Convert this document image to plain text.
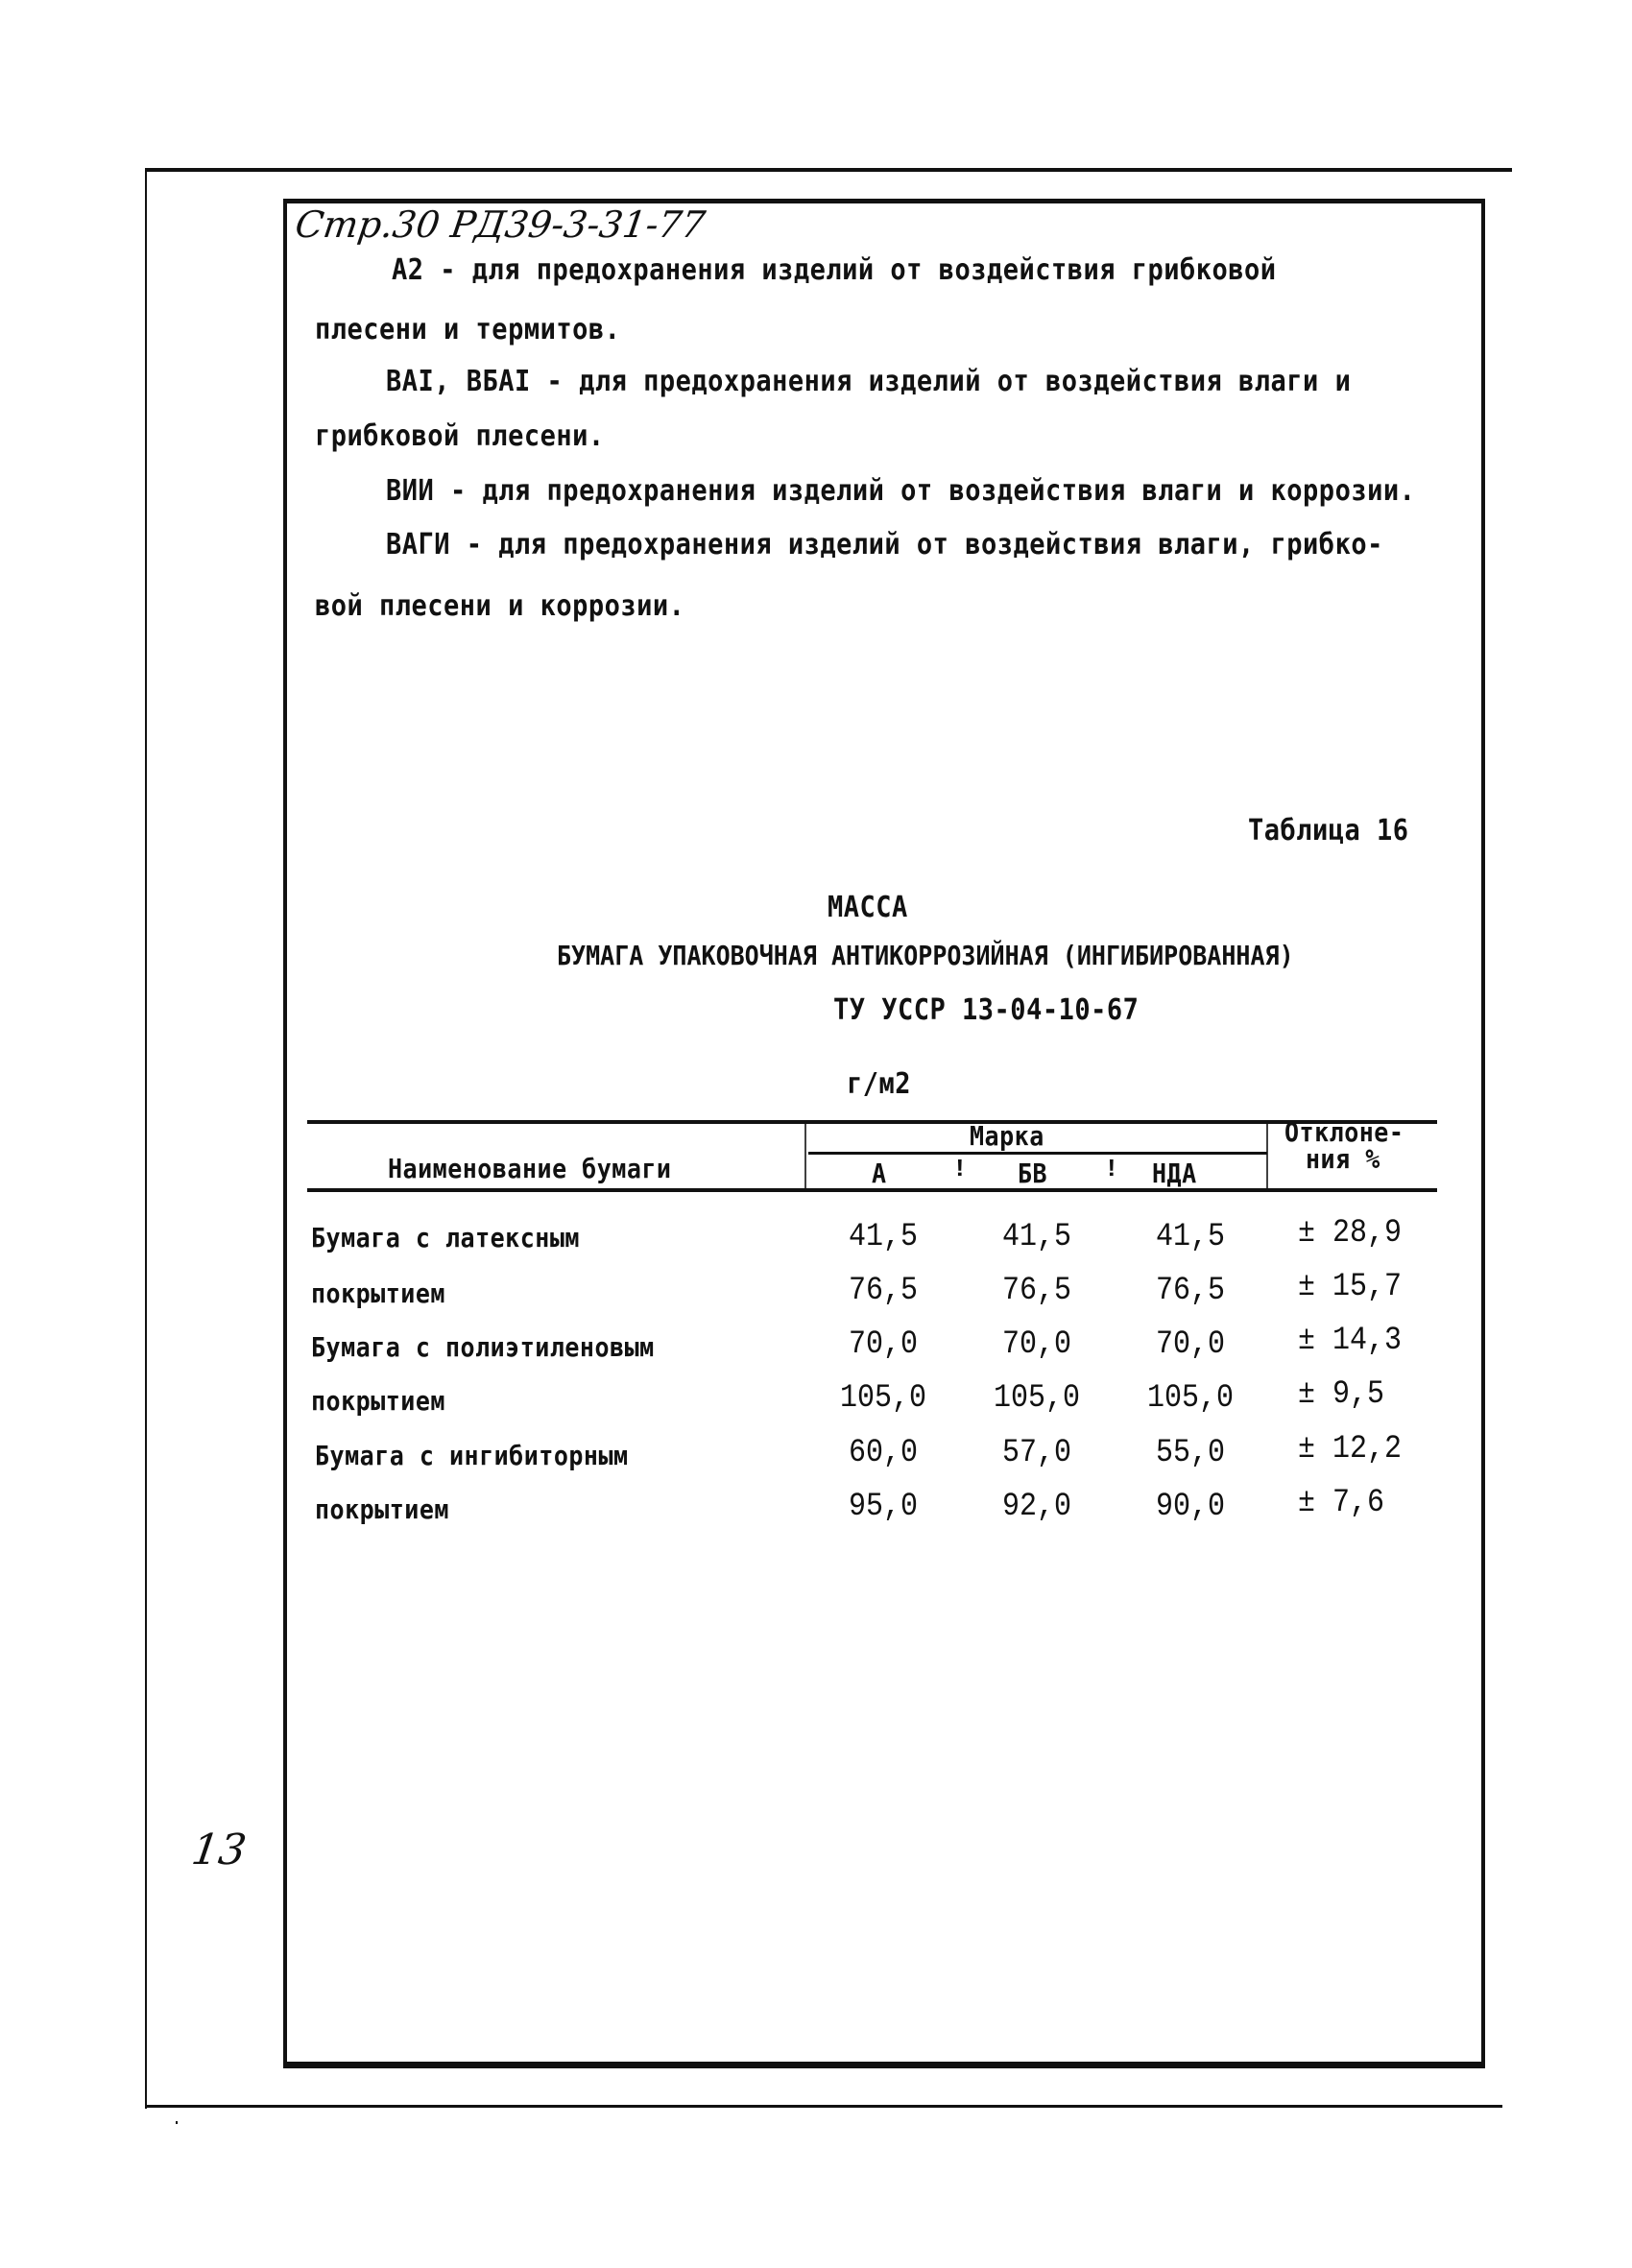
Стр.30 РД39-3-31-77
А2 - для предохранения изделий от воздействия грибковой
плесени и термитов.
ВАI, ВБАI - для предохранения изделий от воздействия влаги и
грибковой плесени.
ВИИ - для предохранения изделий от воздействия влаги и коррозии.
ВАГИ - для предохранения изделий от воздействия влаги, грибко-
вой плесени и коррозии.
Таблица 16
МАССА
БУМАГА УПАКОВОЧНАЯ АНТИКОРРОЗИЙНАЯ (ИНГИБИРОВАННАЯ)
ТУ УССР 13-04-10-67
г/м2
Наименование бумаги
Марка
А	! БВ ! НДА
Отклоне-
ния %
Бумага с латексным	41,5	41,5	41,5	± 28,9
покрытием	76,5	76,5	76,5	± 15,7
Бумага с полиэтиленовым	70,0	70,0	70,0	± 14,3
покрытием	105,0	105,0	105,0	± 9,5
Бумага с ингибиторным	60,0	57,0	55,0	± 12,2
покрытием	95,0	92,0	90,0	± 7,6
13
